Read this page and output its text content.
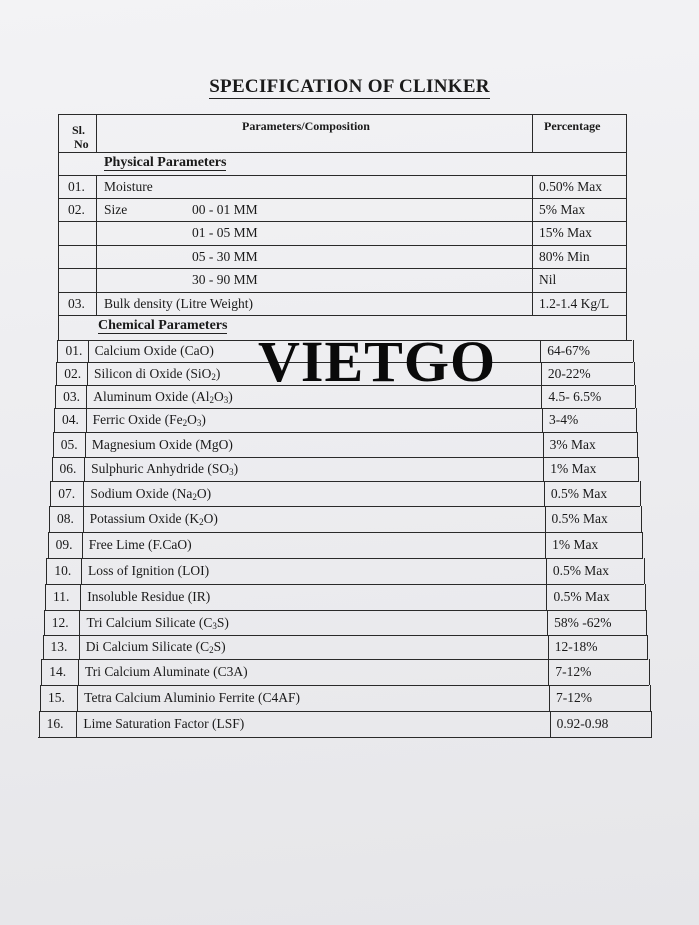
SPECIFICATION OF CLINKER
Sl.
No
Parameters/Composition	Percentage
Physical Parameters
Chemical Parameters
01. Moisture	0.50% Max
02. Size	00 - 01 MM	5% Max
01 - 05 MM	15% Max
05 - 30 MM	80% Min
30 - 90 MM	Nil
03. Bulk density (Litre Weight)	1.2-1.4 Kg/L
01. Calcium Oxide (CaO)	64-67%
02. Silicon di Oxide (SiO$_2$)	20-22%
03. Aluminum Oxide $(Al_2O_3)$	4.5- 6.5%
04. Ferric Oxide $(Fe_2O_3)$	3-4%
05. Magnesium Oxide (MgO)	3% Max
06. Sulphuric Anhydride $(SO_3)$	1% Max
07. Sodium Oxide $(Na_2O)$	0.5% Max
08. Potassium Oxide $(K_2O)$	0.5% Max
09. Free Lime (F.CaO)	1% Max
10. Loss of Ignition (LOI)	0.5% Max
11. Insoluble Residue (IR)	0.5% Max
12. Tri Calcium Silicate $(C_3S)$	58% -62%
13. Di Calcium Silicate $(C_2S)$	12-18%
14. Tri Calcium Aluminate (C3A)	7-12%
15. Tetra Calcium Aluminio Ferrite (C4AF)	7-12%
16. Lime Saturation Factor (LSF)	0.92-0.98
VIETGO
